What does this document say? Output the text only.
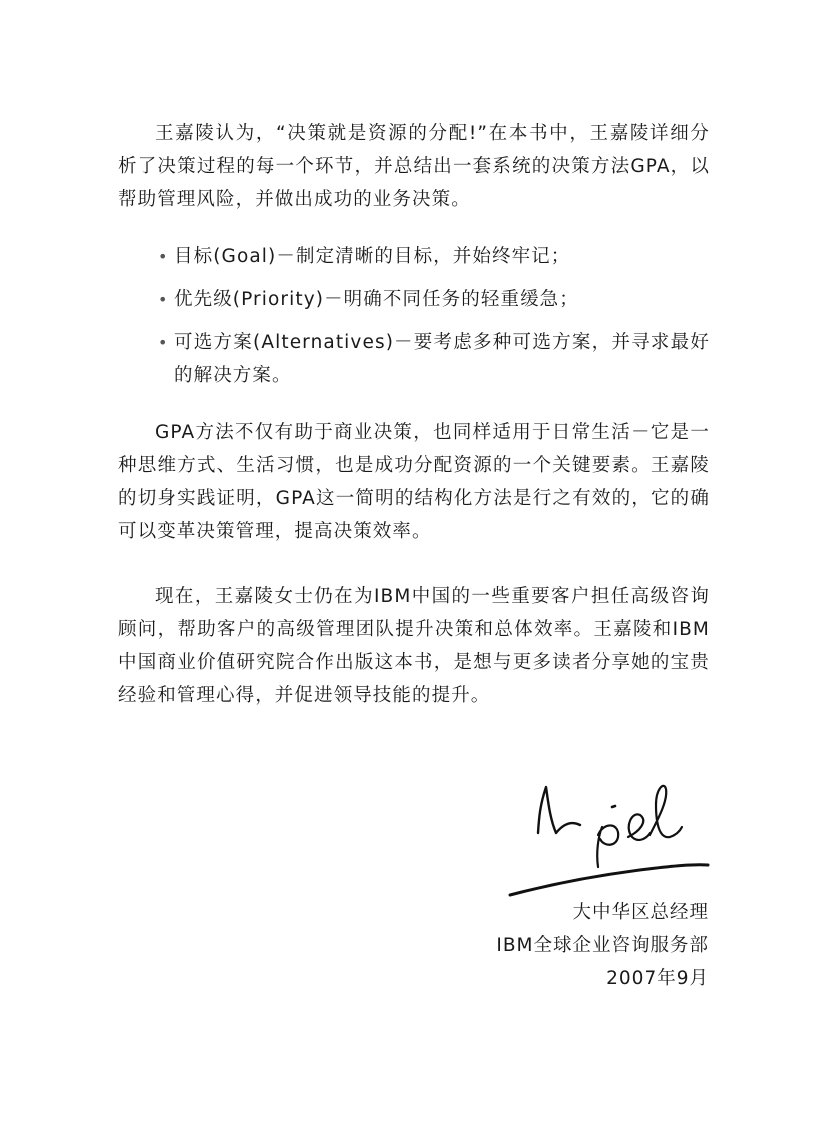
王嘉陵认为，“决策就是资源的分配!”在本书中，王嘉陵详细分析了决策过程的每一个环节，并总结出一套系统的决策方法GPA，以帮助管理风险，并做出成功的业务决策。

• 目标(Goal)－制定清晰的目标，并始终牢记；
• 优先级(Priority)－明确不同任务的轻重缓急；
• 可选方案(Alternatives)－要考虑多种可选方案，并寻求最好的解决方案。

GPA方法不仅有助于商业决策，也同样适用于日常生活－它是一种思维方式、生活习惯，也是成功分配资源的一个关键要素。王嘉陵的切身实践证明，GPA这一简明的结构化方法是行之有效的，它的确可以变革决策管理，提高决策效率。

现在，王嘉陵女士仍在为IBM中国的一些重要客户担任高级咨询顾问，帮助客户的高级管理团队提升决策和总体效率。王嘉陵和IBM中国商业价值研究院合作出版这本书，是想与更多读者分享她的宝贵经验和管理心得，并促进领导技能的提升。

大中华区总经理
IBM全球企业咨询服务部
2007年9月
